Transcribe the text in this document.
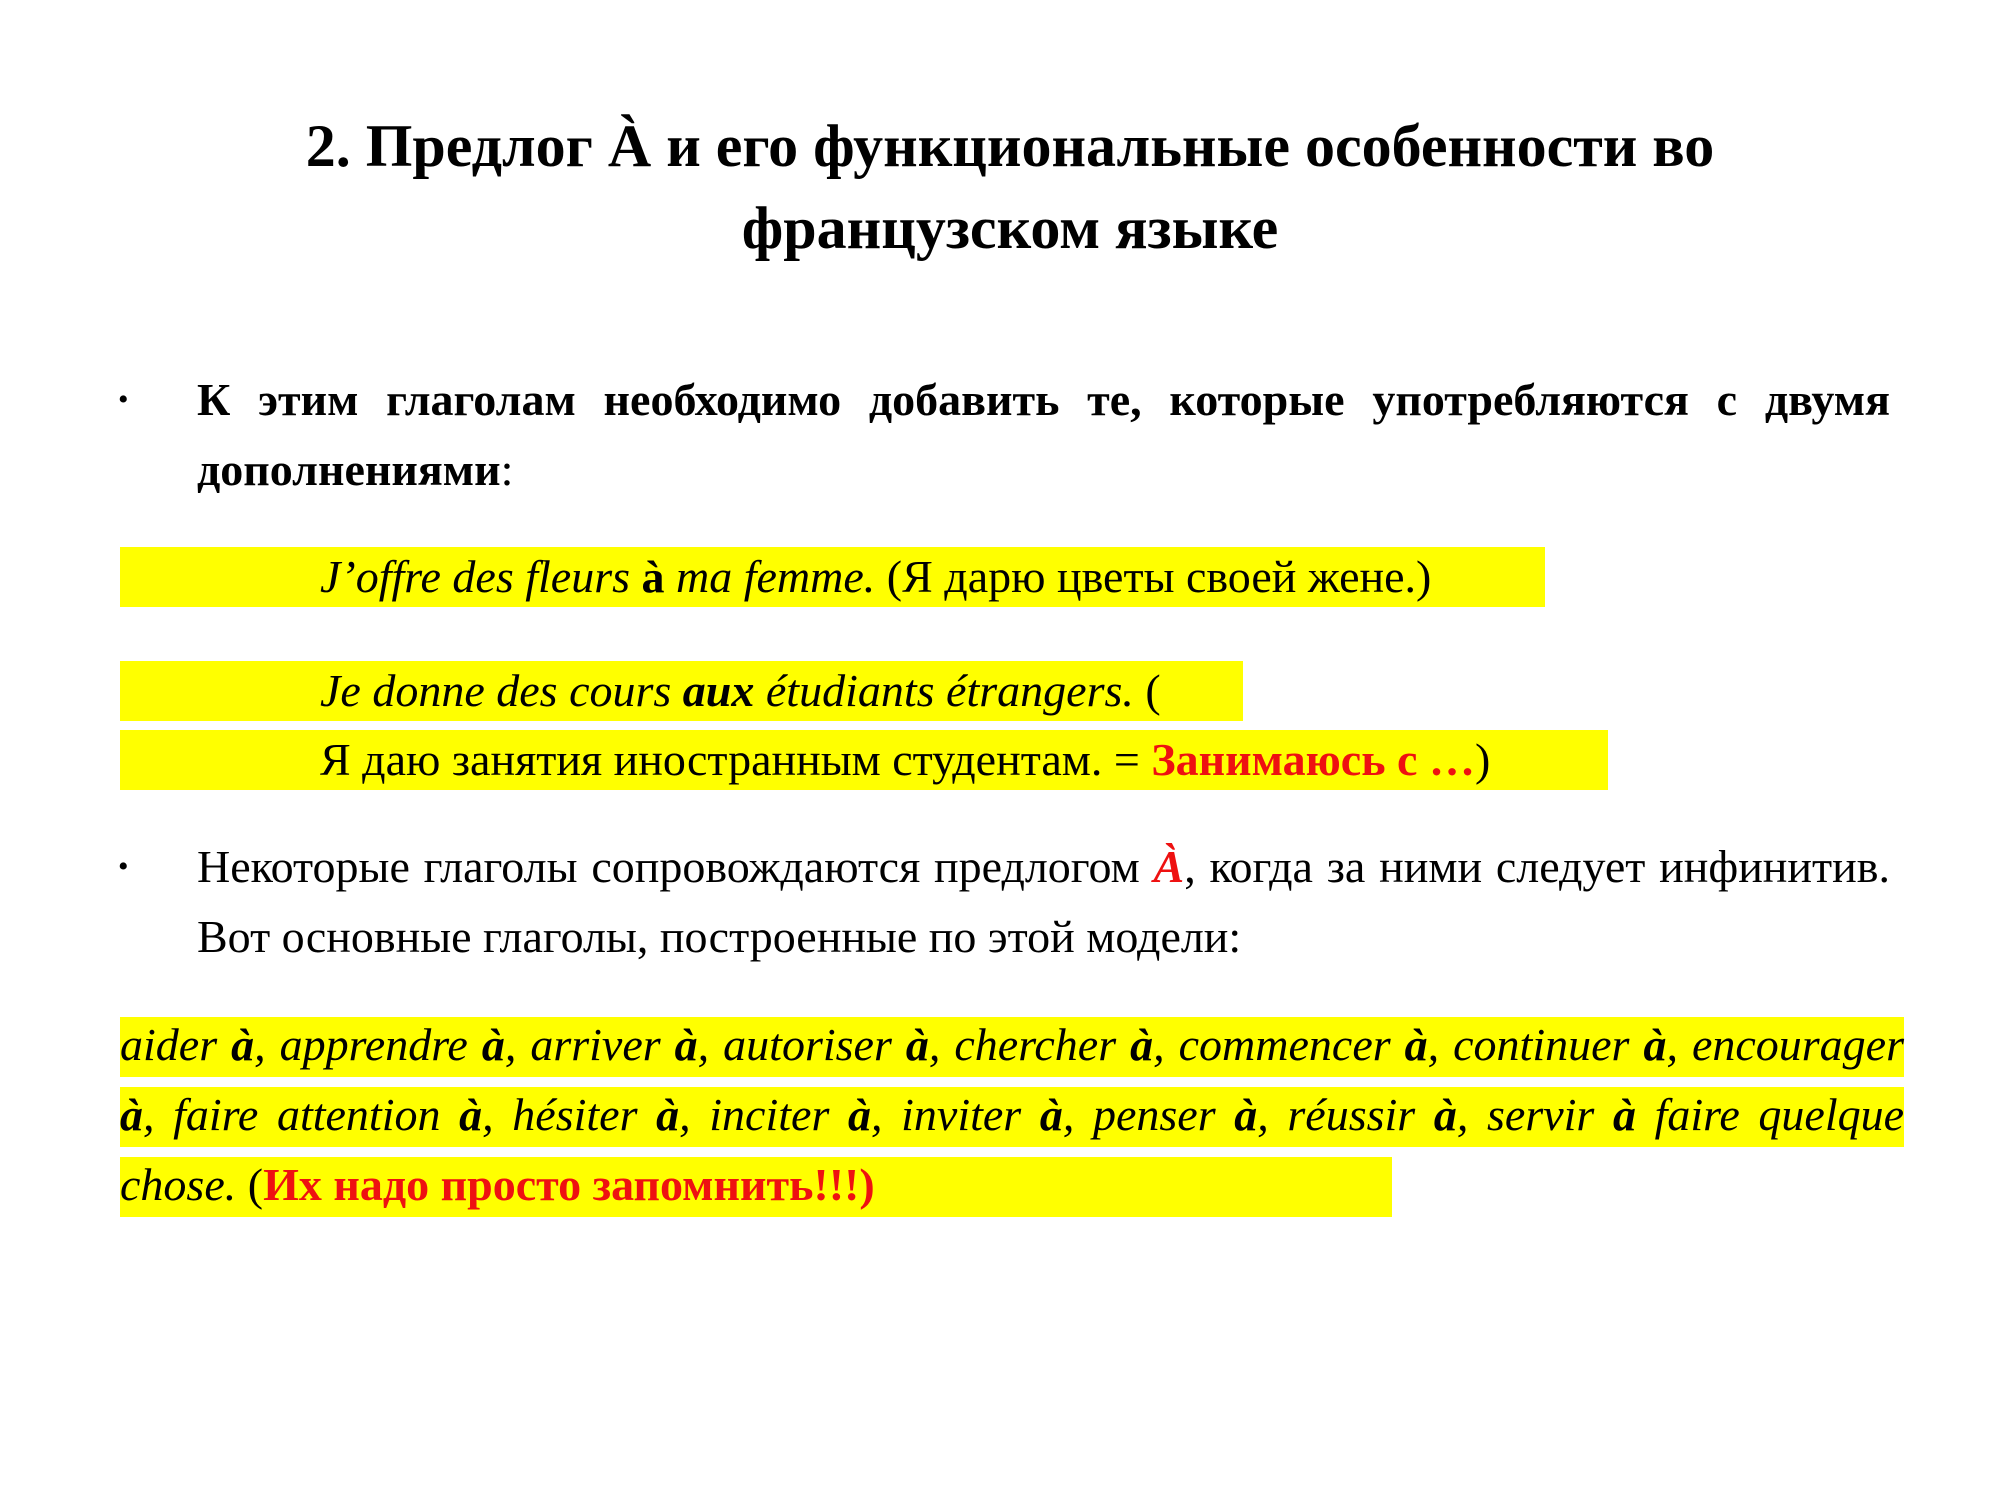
2. Предлог À и его функциональные особенности во
французском языке
• К этим глаголам необходимо добавить те, которые употребляются с двумя дополнениями:
J’offre des fleurs à ma femme. (Я дарю цветы своей жене.)
Je donne des cours aux étudiants étrangers. (
Я даю занятия иностранным студентам. = Занимаюсь с …)
• Некоторые глаголы сопровождаются предлогом À, когда за ними следует инфинитив. Вот основные глаголы, построенные по этой модели:
aider à, apprendre à, arriver à, autoriser à, chercher à, commencer à, continuer à, encourager à, faire attention à, hésiter à, inciter à, inviter à, penser à, réussir à, servir à faire quelque chose. (Их надо просто запомнить!!!)
